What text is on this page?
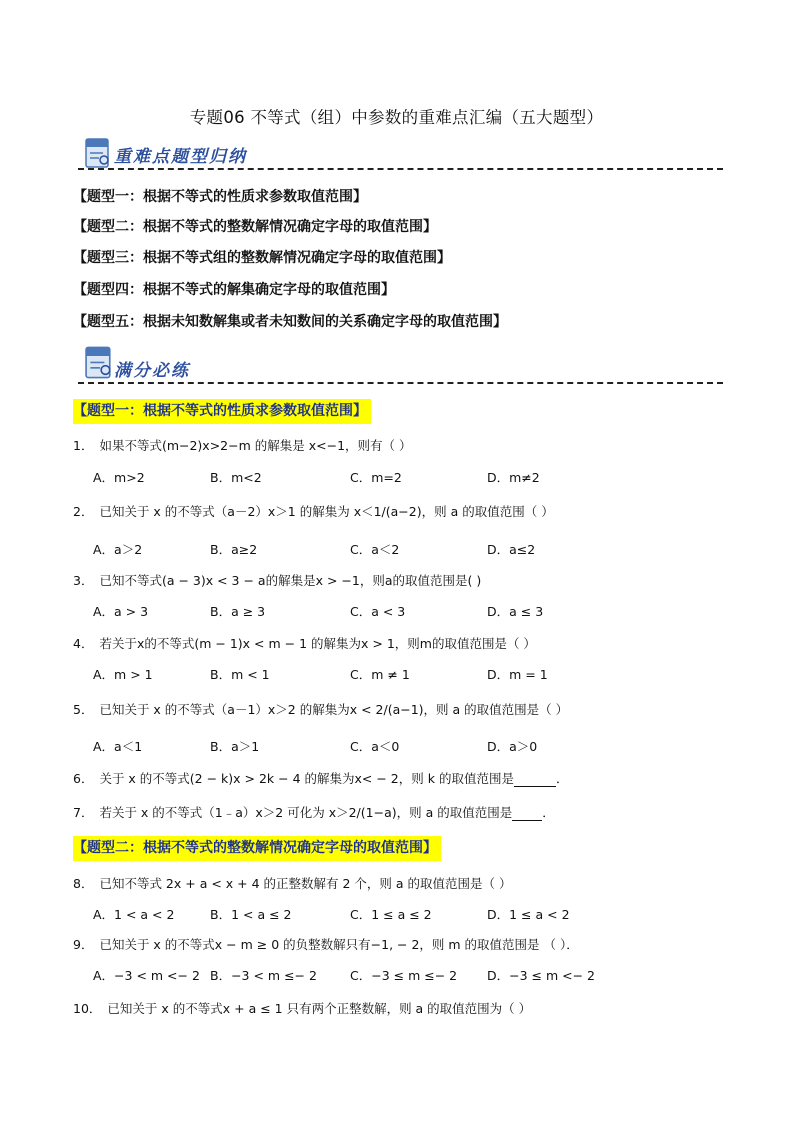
专题06 不等式（组）中参数的重难点汇编（五大题型）
重难点题型归纳
【题型一：根据不等式的性质求参数取值范围】
【题型二：根据不等式的整数解情况确定字母的取值范围】
【题型三：根据不等式组的整数解情况确定字母的取值范围】
【题型四：根据不等式的解集确定字母的取值范围】
【题型五：根据未知数解集或者未知数间的关系确定字母的取值范围】
满分必练
【题型一：根据不等式的性质求参数取值范围】
1． 如果不等式(m−2)x>2−m 的解集是 x<−1，则有（ ）
A．m>2	B．m<2	C．m=2	D．m≠2
2． 已知关于 x 的不等式（a－2）x＞1 的解集为 x＜1/(a−2)，则 a 的取值范围（ ）
A．a＞2	B．a≥2	C．a＜2	D．a≤2
3． 已知不等式(a − 3)x < 3 − a的解集是x > −1，则a的取值范围是( )
A．a > 3	B．a ≥ 3	C．a < 3	D．a ≤ 3
4． 若关于x的不等式(m − 1)x < m − 1 的解集为x > 1，则m的取值范围是（ ）
A．m > 1	B．m < 1	C．m ≠ 1	D．m = 1
5． 已知关于 x 的不等式（a－1）x＞2 的解集为x < 2/(a−1)，则 a 的取值范围是（ ）
A．a＜1	B．a＞1	C．a＜0	D．a＞0
6． 关于 x 的不等式(2 − k)x > 2k − 4 的解集为x< − 2，则 k 的取值范围是	．
7． 若关于 x 的不等式（1﹣a）x＞2 可化为 x＞2/(1−a)，则 a 的取值范围是 ．
【题型二：根据不等式的整数解情况确定字母的取值范围】
8． 已知不等式 2x + a < x + 4 的正整数解有 2 个，则 a 的取值范围是（ ）
A．1 < a < 2	B．1 < a ≤ 2	C．1 ≤ a ≤ 2	D．1 ≤ a < 2
9． 已知关于 x 的不等式x − m ≥ 0 的负整数解只有−1, − 2，则 m 的取值范围是 （ ）．
A．−3 < m <− 2 B．−3 < m ≤− 2	C．−3 ≤ m ≤− 2 D．−3 ≤ m <− 2
10． 已知关于 x 的不等式x + a ≤ 1 只有两个正整数解，则 a 的取值范围为（ ）
